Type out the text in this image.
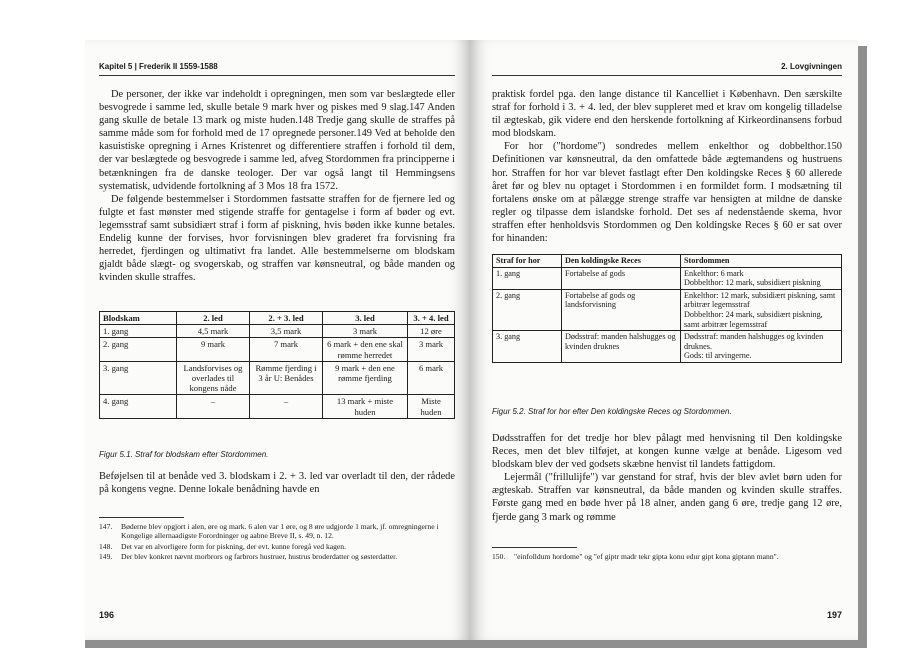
Kapitel 5 | Frederik II 1559-1588

De personer, der ikke var indeholdt i opregningen, men som var beslægtede eller besvogrede i samme led, skulle betale 9 mark hver og piskes med 9 slag.147 Anden gang skulle de betale 13 mark og miste huden.148 Tredje gang skulle de straffes på samme måde som for forhold med de 17 opregnede personer.149 Ved at beholde den kasuistiske opregning i Arnes Kristenret og differentiere straffen i forhold til dem, der var beslægtede og besvogrede i samme led, afveg Stordommen fra principperne i betænkningen fra de danske teologer. Der var også langt til Hemmingsens systematisk, udvidende fortolkning af 3 Mos 18 fra 1572.

De følgende bestemmelser i Stordommen fastsatte straffen for de fjernere led og fulgte et fast mønster med stigende straffe for gentagelse i form af bøder og evt. legemsstraf samt subsidiært straf i form af piskning, hvis bøden ikke kunne betales. Endelig kunne der forvises, hvor forvisningen blev graderet fra forvisning fra herredet, fjerdingen og ultimativt fra landet. Alle bestemmelserne om blodskam gjaldt både slægt- og svogerskab, og straffen var kønsneutral, og både manden og kvinden skulle straffes.

Blodskam	2. led	2. + 3. led	3. led	3. + 4. led
1. gang	4,5 mark	3,5 mark	3 mark	12 øre
2. gang	9 mark	7 mark	6 mark + den ene skal rømme herredet	3 mark
3. gang	Landsforvises og overlades til kongens nåde	Rømme fjerding i 3 år U: Benådes	9 mark + den ene rømme fjerding	6 mark
4. gang	–	–	13 mark + miste huden	Miste huden
Figur 5.1. Straf for blodskam efter Stordommen.

Beføjelsen til at benåde ved 3. blodskam i 2. + 3. led var overladt til den, der rådede på kongens vegne. Denne lokale benådning havde en

147.	Bøderne blev opgjort i alen, øre og mark. 6 alen var 1 øre, og 8 øre udgjorde 1 mark, jf. omregningerne i Kongelige allernaadigste Forordninger og aabne Breve II, s. 49, n. 12.
148.	Det var en alvorligere form for piskning, der evt. kunne foregå ved kagen.
149.	Der blev konkret nævnt morbrors og farbrors hustruer, hustrus broderdatter og søsterdatter.
196
2. Lovgivningen

praktisk fordel pga. den lange distance til Kancelliet i København. Den særskilte straf for forhold i 3. + 4. led, der blev suppleret med et krav om kongelig tilladelse til ægteskab, gik videre end den herskende fortolkning af Kirkeordinansens forbud mod blodskam.

For hor ("hordome") sondredes mellem enkelthor og dobbelthor.150 Definitionen var kønsneutral, da den omfattede både ægtemandens og hustruens hor. Straffen for hor var blevet fastlagt efter Den koldingske Reces § 60 allerede året før og blev nu optaget i Stordommen i en formildet form. I modsætning til fortalens ønske om at pålægge strenge straffe var hensigten at mildne de danske regler og tilpasse dem islandske forhold. Det ses af nedenstående skema, hvor straffen efter henholdsvis Stordommen og Den koldingske Reces § 60 er sat over for hinanden:

Straf for hor	Den koldingske Reces	Stordommen
1. gang	Fortabelse af gods	Enkelthor: 6 mark
Dobbelthor: 12 mark, subsidiært piskning
2. gang	Fortabelse af gods og landsforvisning	Enkelthor: 12 mark, subsidiært piskning, samt arbitrær legemsstraf
Dobbelthor: 24 mark, subsidiært piskning, samt arbitrær legemsstraf
3. gang	Dødsstraf: manden halshugges og kvinden druknes	Dødsstraf: manden halshugges og kvinden druknes.
Gods: til arvingerne.
Figur 5.2. Straf for hor efter Den koldingske Reces og Stordommen.

Dødsstraffen for det tredje hor blev pålagt med henvisning til Den koldingske Reces, men det blev tilføjet, at kongen kunne vælge at benåde. Ligesom ved blodskam blev der ved godsets skæbne henvist til landets fattigdom.

Lejermål ("frillulijfe") var genstand for straf, hvis der blev avlet børn uden for ægteskab. Straffen var kønsneutral, da både manden og kvinden skulle straffes. Første gang med en bøde hver på 18 alner, anden gang 6 øre, tredje gang 12 øre, fjerde gang 3 mark og rømme

150.	"einfolldum hordome" og "ef giptr madr tekr gipta konu edur gipt kona giptann mann".
197
